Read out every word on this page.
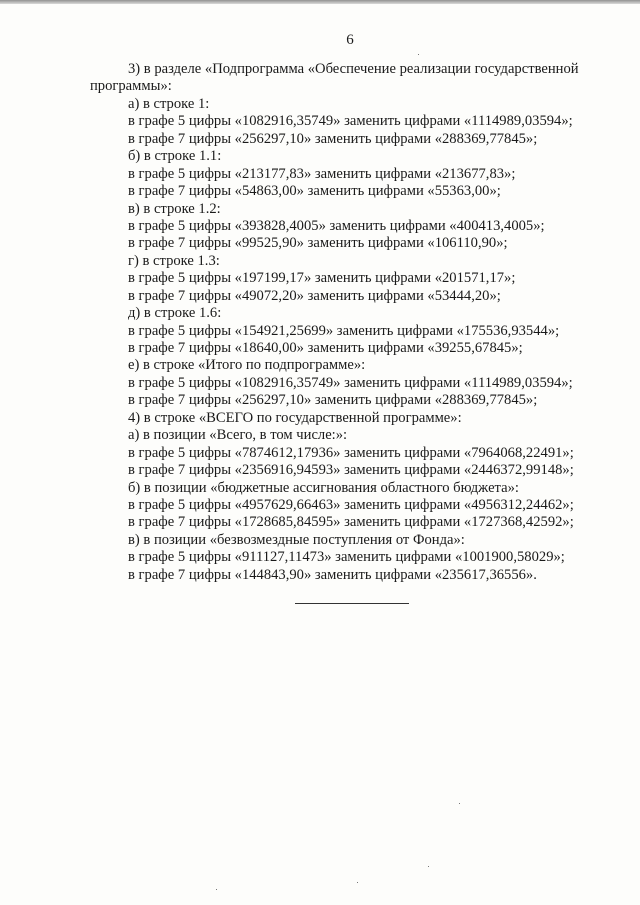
6
3) в разделе «Подпрограмма «Обеспечение реализации государственной
программы»:
а) в строке 1:
в графе 5 цифры «1082916,35749» заменить цифрами «1114989,03594»;
в графе 7 цифры «256297,10» заменить цифрами «288369,77845»;
б) в строке 1.1:
в графе 5 цифры «213177,83» заменить цифрами «213677,83»;
в графе 7 цифры «54863,00» заменить цифрами «55363,00»;
в) в строке 1.2:
в графе 5 цифры «393828,4005» заменить цифрами «400413,4005»;
в графе 7 цифры «99525,90» заменить цифрами «106110,90»;
г) в строке 1.3:
в графе 5 цифры «197199,17» заменить цифрами «201571,17»;
в графе 7 цифры «49072,20» заменить цифрами «53444,20»;
д) в строке 1.6:
в графе 5 цифры «154921,25699» заменить цифрами «175536,93544»;
в графе 7 цифры «18640,00» заменить цифрами «39255,67845»;
е) в строке «Итого по подпрограмме»:
в графе 5 цифры «1082916,35749» заменить цифрами «1114989,03594»;
в графе 7 цифры «256297,10» заменить цифрами «288369,77845»;
4) в строке «ВСЕГО по государственной программе»:
а) в позиции «Всего, в том числе:»:
в графе 5 цифры «7874612,17936» заменить цифрами «7964068,22491»;
в графе 7 цифры «2356916,94593» заменить цифрами «2446372,99148»;
б) в позиции «бюджетные ассигнования областного бюджета»:
в графе 5 цифры «4957629,66463» заменить цифрами «4956312,24462»;
в графе 7 цифры «1728685,84595» заменить цифрами «1727368,42592»;
в) в позиции «безвозмездные поступления от Фонда»:
в графе 5 цифры «911127,11473» заменить цифрами «1001900,58029»;
в графе 7 цифры «144843,90» заменить цифрами «235617,36556».
